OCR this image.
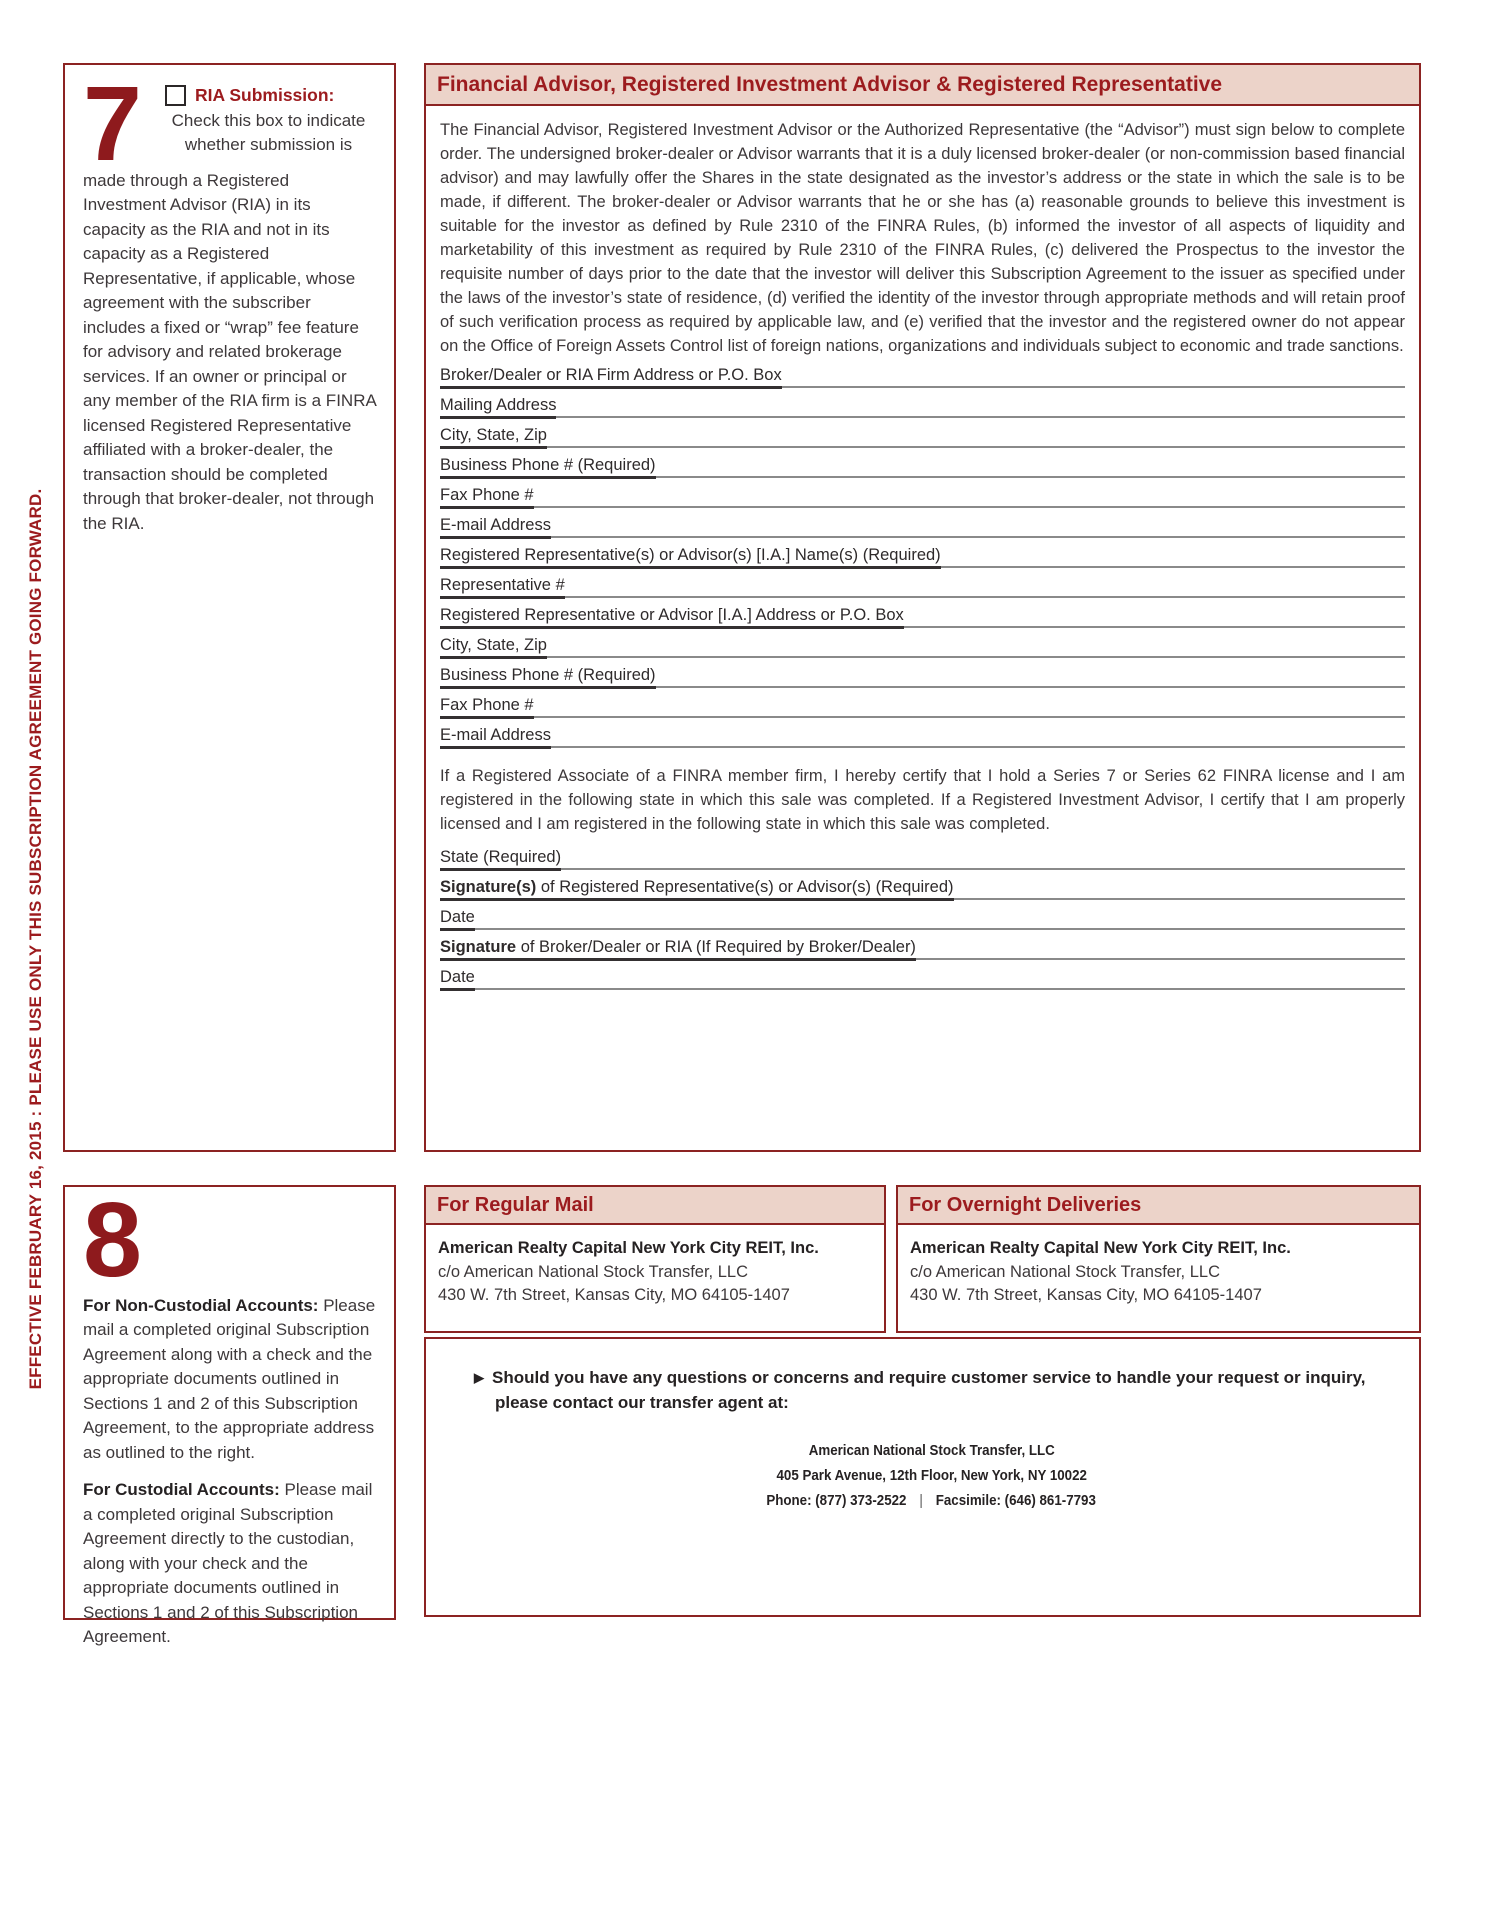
EFFECTIVE FEBRUARY 16, 2015 : PLEASE USE ONLY THIS SUBSCRIPTION AGREEMENT GOING FORWARD.
7	RIA Submission:
Check this box to indicate whether submission is

made through a Registered Investment Advisor (RIA) in its capacity as the RIA and not in its capacity as a Registered Representative, if applicable, whose agreement with the subscriber includes a fixed or “wrap” fee feature for advisory and related brokerage services. If an owner or principal or any member of the RIA firm is a FINRA licensed Registered Representative affiliated with a broker-dealer, the transaction should be completed through that broker-dealer, not through the RIA.

Financial Advisor, Registered Investment Advisor & Registered Representative

The Financial Advisor, Registered Investment Advisor or the Authorized Representative (the “Advisor”) must sign below to complete order. The undersigned broker-dealer or Advisor warrants that it is a duly licensed broker-dealer (or non-commission based financial advisor) and may lawfully offer the Shares in the state designated as the investor’s address or the state in which the sale is to be made, if different. The broker-dealer or Advisor warrants that he or she has (a) reasonable grounds to believe this investment is suitable for the investor as defined by Rule 2310 of the FINRA Rules, (b) informed the investor of all aspects of liquidity and marketability of this investment as required by Rule 2310 of the FINRA Rules, (c) delivered the Prospectus to the investor the requisite number of days prior to the date that the investor will deliver this Subscription Agreement to the issuer as specified under the laws of the investor’s state of residence, (d) verified the identity of the investor through appropriate methods and will retain proof of such verification process as required by applicable law, and (e) verified that the investor and the registered owner do not appear on the Office of Foreign Assets Control list of foreign nations, organizations and individuals subject to economic and trade sanctions.

Broker/Dealer or RIA Firm Address or P.O. Box
Mailing Address
City, State, Zip
Business Phone # (Required)
Fax Phone #
E-mail Address
Registered Representative(s) or Advisor(s) [I.A.] Name(s) (Required)
Representative #
Registered Representative or Advisor [I.A.] Address or P.O. Box
City, State, Zip
Business Phone # (Required)
Fax Phone #
E-mail Address

If a Registered Associate of a FINRA member firm, I hereby certify that I hold a Series 7 or Series 62 FINRA license and I am registered in the following state in which this sale was completed. If a Registered Investment Advisor, I certify that I am properly licensed and I am registered in the following state in which this sale was completed.

State (Required)
Signature(s) of Registered Representative(s) or Advisor(s) (Required)
Date
Signature of Broker/Dealer or RIA (If Required by Broker/Dealer)
Date
8

For Non-Custodial Accounts: Please mail a completed original Subscription Agreement along with a check and the appropriate documents outlined in Sections 1 and 2 of this Subscription Agreement, to the appropriate address as outlined to the right.

For Custodial Accounts: Please mail a completed original Subscription Agreement directly to the custodian, along with your check and the appropriate documents outlined in Sections 1 and 2 of this Subscription Agreement.

For Regular Mail
American Realty Capital New York City REIT, Inc.
c/o American National Stock Transfer, LLC
430 W. 7th Street, Kansas City, MO 64105-1407
For Overnight Deliveries
American Realty Capital New York City REIT, Inc.
c/o American National Stock Transfer, LLC
430 W. 7th Street, Kansas City, MO 64105-1407
▶ Should you have any questions or concerns and require customer service to handle your request or inquiry,
please contact our transfer agent at:
American National Stock Transfer, LLC
405 Park Avenue, 12th Floor, New York, NY 10022
Phone: (877) 373-2522 | Facsimile: (646) 861-7793
